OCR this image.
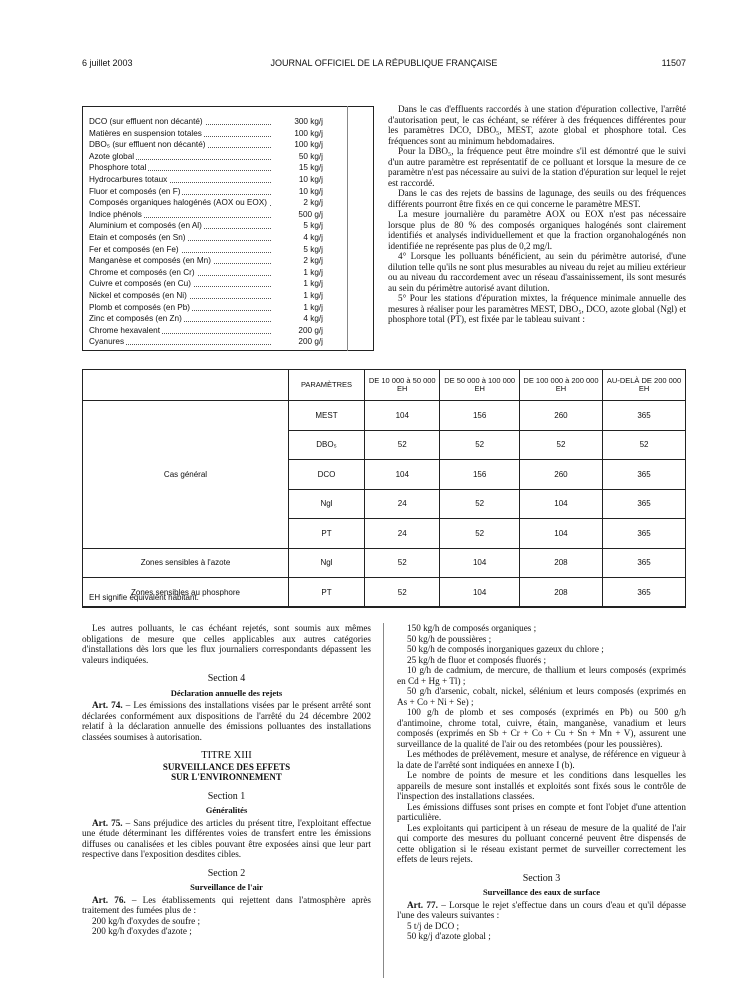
6 juillet 2003	JOURNAL OFFICIEL DE LA RÉPUBLIQUE FRANÇAISE	11507
DCO (sur effluent non décanté)	300 kg/j
Matières en suspension totales	100 kg/j
DBO₅ (sur effluent non décanté)	100 kg/j
Azote global	50 kg/j
Phosphore total	15 kg/j
Hydrocarbures totaux	10 kg/j
Fluor et composés (en F)	10 kg/j
Composés organiques halogénés (AOX ou EOX)	2 kg/j
Indice phénols	500 g/j
Aluminium et composés (en Al)	5 kg/j
Etain et composés (en Sn)	4 kg/j
Fer et composés (en Fe)	5 kg/j
Manganèse et composés (en Mn)	2 kg/j
Chrome et composés (en Cr)	1 kg/j
Cuivre et composés (en Cu)	1 kg/j
Nickel et composés (en Ni)	1 kg/j
Plomb et composés (en Pb)	1 kg/j
Zinc et composés (en Zn)	4 kg/j
Chrome hexavalent	200 g/j
Cyanures	200 g/j

Dans le cas d'effluents raccordés à une station d'épuration collective, l'arrêté d'autorisation peut, le cas échéant, se référer à des fréquences différentes pour les paramètres DCO, DBO₅, MEST, azote global et phosphore total. Ces fréquences sont au minimum hebdomadaires.

Pour la DBO₅, la fréquence peut être moindre s'il est démontré que le suivi d'un autre paramètre est représentatif de ce polluant et lorsque la mesure de ce paramètre n'est pas nécessaire au suivi de la station d'épuration sur lequel le rejet est raccordé.

Dans le cas des rejets de bassins de lagunage, des seuils ou des fréquences différents pourront être fixés en ce qui concerne le paramètre MEST.

La mesure journalière du paramètre AOX ou EOX n'est pas nécessaire lorsque plus de 80 % des composés organiques halogénés sont clairement identifiés et analysés individuellement et que la fraction organohalogénés non identifiée ne représente pas plus de 0,2 mg/l.

4° Lorsque les polluants bénéficient, au sein du périmètre autorisé, d'une dilution telle qu'ils ne sont plus mesurables au niveau du rejet au milieu extérieur ou au niveau du raccordement avec un réseau d'assainissement, ils sont mesurés au sein du périmètre autorisé avant dilution.

5° Pour les stations d'épuration mixtes, la fréquence minimale annuelle des mesures à réaliser pour les paramètres MEST, DBO₅, DCO, azote global (Ngl) et phosphore total (PT), est fixée par le tableau suivant :

	PARAMÈTRES	DE 10 000 à 50 000 EH	DE 50 000 à 100 000 EH	DE 100 000 à 200 000 EH	AU-DELÀ DE 200 000 EH
Cas général	MEST	104	156	260	365
	DBO₅	52	52	52	52
	DCO	104	156	260	365
	Ngl	24	52	104	365
	PT	24	52	104	365
Zones sensibles à l'azote	Ngl	52	104	208	365
Zones sensibles au phosphore	PT	52	104	208	365
EH signifie équivalent habitant.

Les autres polluants, le cas échéant rejetés, sont soumis aux mêmes obligations de mesure que celles applicables aux autres catégories d'installations dès lors que les flux journaliers correspondants dépassent les valeurs indiquées.

Section 4

Déclaration annuelle des rejets

Art. 74. – Les émissions des installations visées par le présent arrêté sont déclarées conformément aux dispositions de l'arrêté du 24 décembre 2002 relatif à la déclaration annuelle des émissions polluantes des installations classées soumises à autorisation.

TITRE XIII

SURVEILLANCE DES EFFETS

SUR L'ENVIRONNEMENT

Section 1

Généralités

Art. 75. – Sans préjudice des articles du présent titre, l'exploitant effectue une étude déterminant les différentes voies de transfert entre les émissions diffuses ou canalisées et les cibles pouvant être exposées ainsi que leur part respective dans l'exposition desdites cibles.

Section 2

Surveillance de l'air

Art. 76. – Les établissements qui rejettent dans l'atmosphère après traitement des fumées plus de :

200 kg/h d'oxydes de soufre ;

200 kg/h d'oxydes d'azote ;

150 kg/h de composés organiques ;

50 kg/h de poussières ;

50 kg/h de composés inorganiques gazeux du chlore ;

25 kg/h de fluor et composés fluorés ;

10 g/h de cadmium, de mercure, de thallium et leurs composés (exprimés en Cd + Hg + Tl) ;

50 g/h d'arsenic, cobalt, nickel, sélénium et leurs composés (exprimés en As + Co + Ni + Se) ;

100 g/h de plomb et ses composés (exprimés en Pb) ou 500 g/h d'antimoine, chrome total, cuivre, étain, manganèse, vanadium et leurs composés (exprimés en Sb + Cr + Co + Cu + Sn + Mn + V), assurent une surveillance de la qualité de l'air ou des retombées (pour les poussières).

Les méthodes de prélèvement, mesure et analyse, de référence en vigueur à la date de l'arrêté sont indiquées en annexe I (b).

Le nombre de points de mesure et les conditions dans lesquelles les appareils de mesure sont installés et exploités sont fixés sous le contrôle de l'inspection des installations classées.

Les émissions diffuses sont prises en compte et font l'objet d'une attention particulière.

Les exploitants qui participent à un réseau de mesure de la qualité de l'air qui comporte des mesures du polluant concerné peuvent être dispensés de cette obligation si le réseau existant permet de surveiller correctement les effets de leurs rejets.

Section 3

Surveillance des eaux de surface

Art. 77. – Lorsque le rejet s'effectue dans un cours d'eau et qu'il dépasse l'une des valeurs suivantes :

5 t/j de DCO ;

50 kg/j d'azote global ;
